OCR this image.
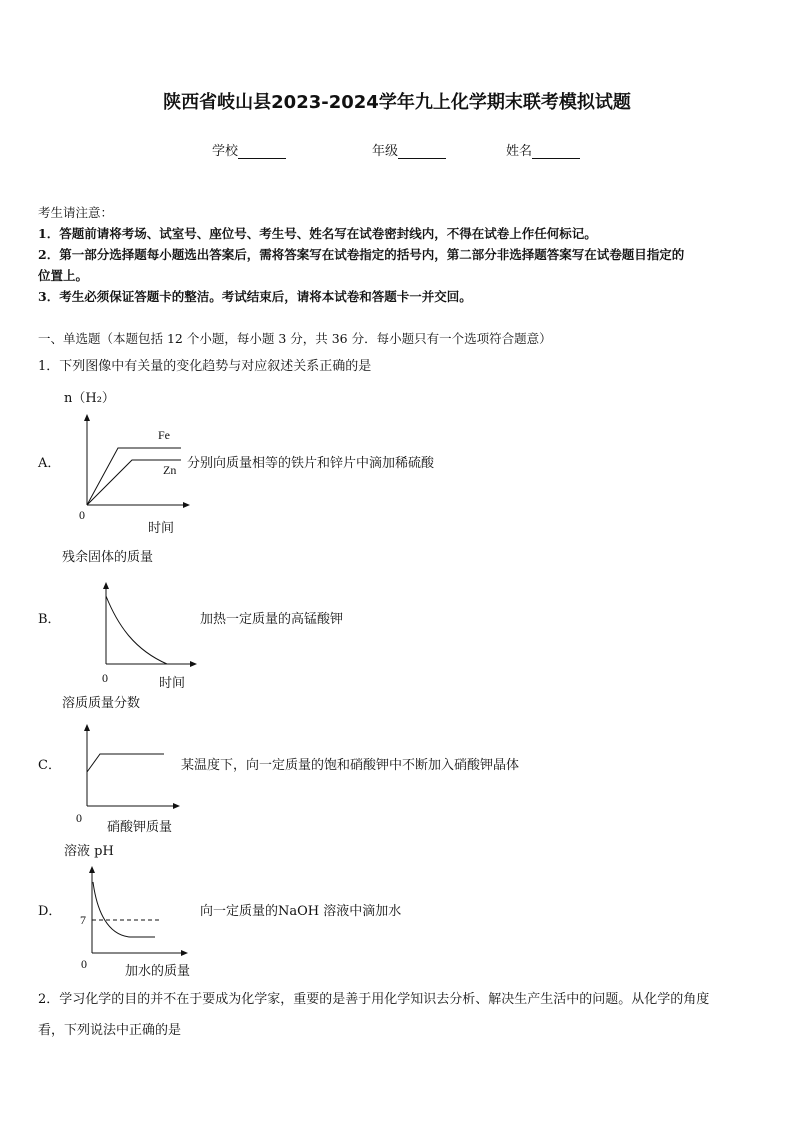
陕西省岐山县2023-2024学年九上化学期末联考模拟试题
学校	年级	姓名
考生请注意：
1．答题前请将考场、试室号、座位号、考生号、姓名写在试卷密封线内，不得在试卷上作任何标记。
2．第一部分选择题每小题选出答案后，需将答案写在试卷指定的括号内，第二部分非选择题答案写在试卷题目指定的
位置上。
3．考生必须保证答题卡的整洁。考试结束后，请将本试卷和答题卡一并交回。
一、单选题（本题包括 12 个小题，每小题 3 分，共 36 分．每小题只有一个选项符合题意）
1．下列图像中有关量的变化趋势与对应叙述关系正确的是
n（H₂）
A．
Fe
Zn
0
时间
分别向质量相等的铁片和锌片中滴加稀硫酸
残余固体的质量
B．
0	时间
加热一定质量的高锰酸钾
溶质质量分数
C．
0
硝酸钾质量
某温度下，向一定质量的饱和硝酸钾中不断加入硝酸钾晶体
溶液 pH
D．
7
0	加水的质量
向一定质量的NaOH 溶液中滴加水
2．学习化学的目的并不在于要成为化学家，重要的是善于用化学知识去分析、解决生产生活中的问题。从化学的角度
看，下列说法中正确的是
